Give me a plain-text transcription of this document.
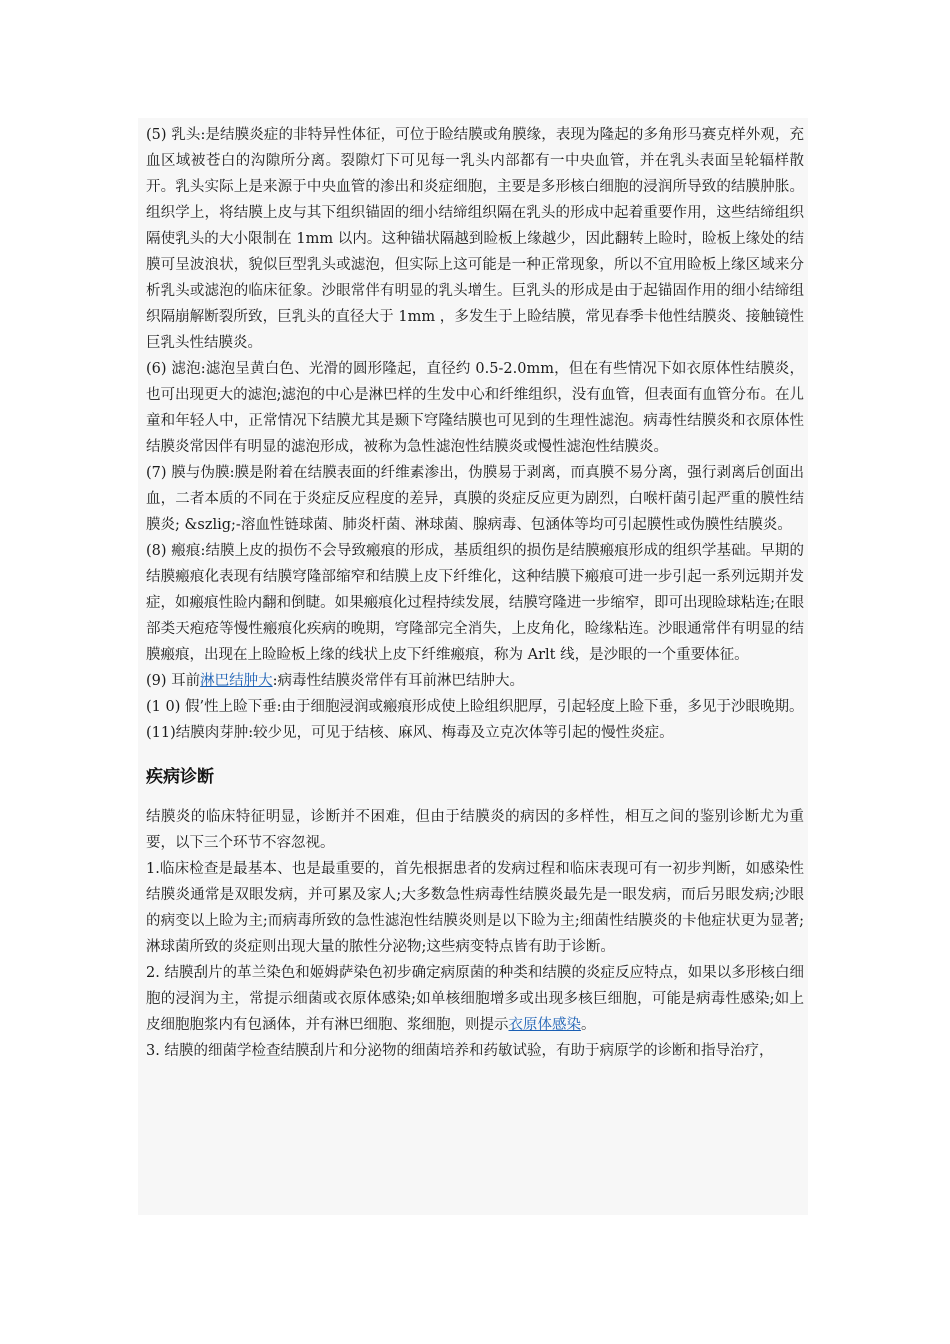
(5) 乳头:是结膜炎症的非特异性体征，可位于睑结膜或角膜缘，表现为隆起的多角形马赛克样外观，充血区域被苍白的沟隙所分离。裂隙灯下可见每一乳头内部都有一中央血管，并在乳头表面呈轮辐样散开。乳头实际上是来源于中央血管的渗出和炎症细胞，主要是多形核白细胞的浸润所导致的结膜肿胀。组织学上，将结膜上皮与其下组织锚固的细小结缔组织隔在乳头的形成中起着重要作用，这些结缔组织隔使乳头的大小限制在 1mm 以内。这种锚状隔越到睑板上缘越少，因此翻转上睑时，睑板上缘处的结膜可呈波浪状，貌似巨型乳头或滤泡，但实际上这可能是一种正常现象，所以不宜用睑板上缘区域来分析乳头或滤泡的临床征象。沙眼常伴有明显的乳头增生。巨乳头的形成是由于起锚固作用的细小结缔组织隔崩解断裂所致，巨乳头的直径大于 1mm ，多发生于上睑结膜，常见春季卡他性结膜炎、接触镜性巨乳头性结膜炎。

(6) 滤泡:滤泡呈黄白色、光滑的圆形隆起，直径约 0.5-2.0mm，但在有些情况下如衣原体性结膜炎，也可出现更大的滤泡;滤泡的中心是淋巴样的生发中心和纤维组织，没有血管，但表面有血管分布。在儿童和年轻人中，正常情况下结膜尤其是颞下穹隆结膜也可见到的生理性滤泡。病毒性结膜炎和衣原体性结膜炎常因伴有明显的滤泡形成，被称为急性滤泡性结膜炎或慢性滤泡性结膜炎。

(7) 膜与伪膜:膜是附着在结膜表面的纤维素渗出，伪膜易于剥离，而真膜不易分离，强行剥离后创面出血，二者本质的不同在于炎症反应程度的差异，真膜的炎症反应更为剧烈，白喉杆菌引起严重的膜性结膜炎; &szlig;-溶血性链球菌、肺炎杆菌、淋球菌、腺病毒、包涵体等均可引起膜性或伪膜性结膜炎。

(8) 瘢痕:结膜上皮的损伤不会导致瘢痕的形成，基质组织的损伤是结膜瘢痕形成的组织学基础。早期的结膜瘢痕化表现有结膜穹隆部缩窄和结膜上皮下纤维化，这种结膜下瘢痕可进一步引起一系列远期并发症，如瘢痕性睑内翻和倒睫。如果瘢痕化过程持续发展，结膜穹隆进一步缩窄，即可出现睑球粘连;在眼部类天疱疮等慢性瘢痕化疾病的晚期，穹隆部完全消失，上皮角化，睑缘粘连。沙眼通常伴有明显的结膜瘢痕，出现在上睑睑板上缘的线状上皮下纤维瘢痕，称为 Arlt 线，是沙眼的一个重要体征。

(9) 耳前淋巴结肿大:病毒性结膜炎常伴有耳前淋巴结肿大。

(1 0) 假’性上睑下垂:由于细胞浸润或瘢痕形成使上睑组织肥厚，引起轻度上睑下垂，多见于沙眼晚期。

(11)结膜肉芽肿:较少见，可见于结核、麻风、梅毒及立克次体等引起的慢性炎症。

疾病诊断

结膜炎的临床特征明显，诊断并不困难，但由于结膜炎的病因的多样性，相互之间的鉴别诊断尤为重要，以下三个环节不容忽视。

1.临床检查是最基本、也是最重要的，首先根据患者的发病过程和临床表现可有一初步判断，如感染性结膜炎通常是双眼发病，并可累及家人;大多数急性病毒性结膜炎最先是一眼发病，而后另眼发病;沙眼的病变以上睑为主;而病毒所致的急性滤泡性结膜炎则是以下睑为主;细菌性结膜炎的卡他症状更为显著;淋球菌所致的炎症则出现大量的脓性分泌物;这些病变特点皆有助于诊断。

2. 结膜刮片的革兰染色和姬姆萨染色初步确定病原菌的种类和结膜的炎症反应特点，如果以多形核白细胞的浸润为主，常提示细菌或衣原体感染;如单核细胞增多或出现多核巨细胞，可能是病毒性感染;如上皮细胞胞浆内有包涵体，并有淋巴细胞、浆细胞，则提示衣原体感染。

3. 结膜的细菌学检查结膜刮片和分泌物的细菌培养和药敏试验，有助于病原学的诊断和指导治疗，
